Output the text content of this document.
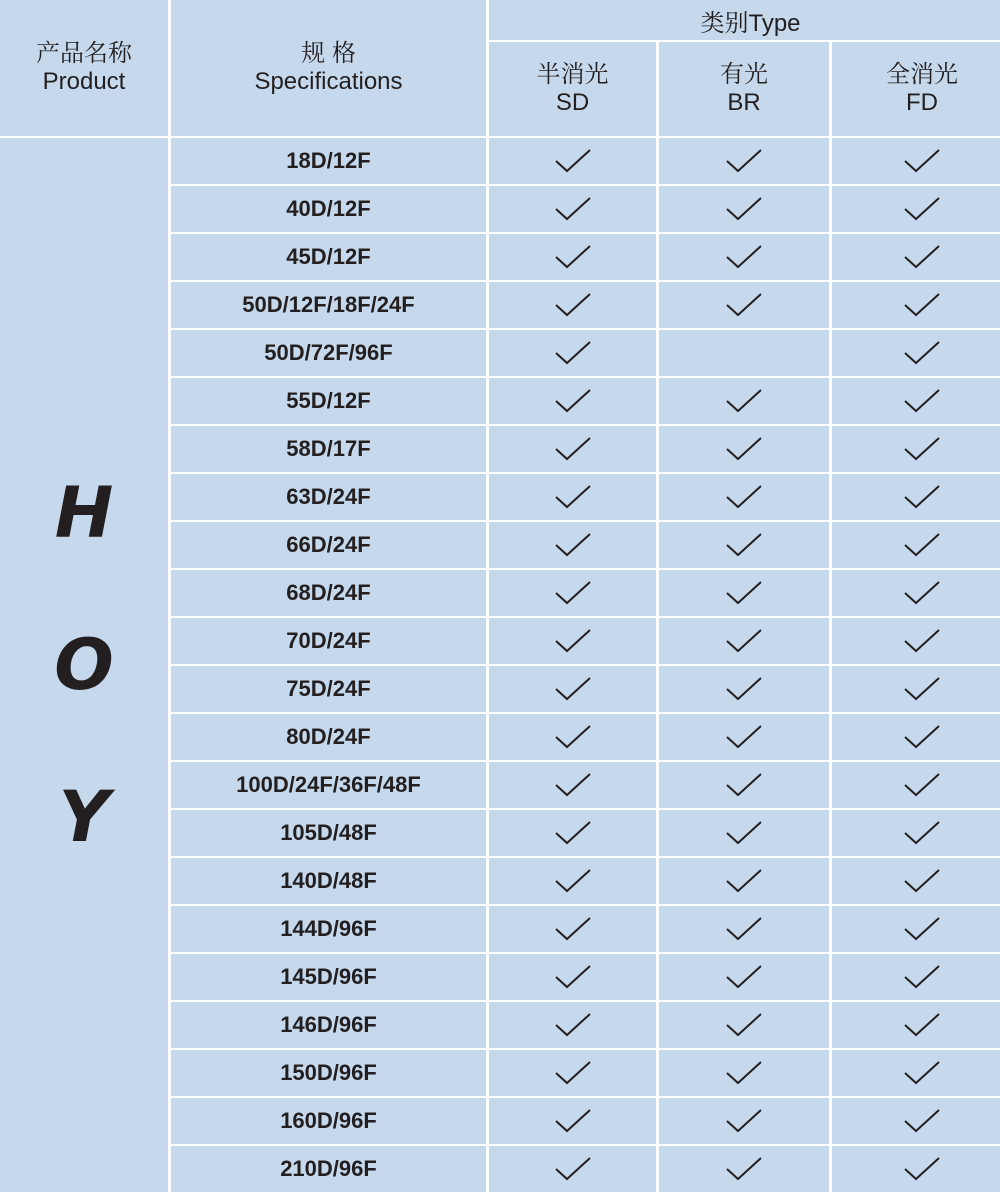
产品名称
Product
规 格
Specifications
类别Type
半消光
SD
有光
BR
全消光
FD
H
O
Y
18D/12F
40D/12F
45D/12F
50D/12F/18F/24F
50D/72F/96F
55D/12F
58D/17F
63D/24F
66D/24F
68D/24F
70D/24F
75D/24F
80D/24F
100D/24F/36F/48F
105D/48F
140D/48F
144D/96F
145D/96F
146D/96F
150D/96F
160D/96F
210D/96F
